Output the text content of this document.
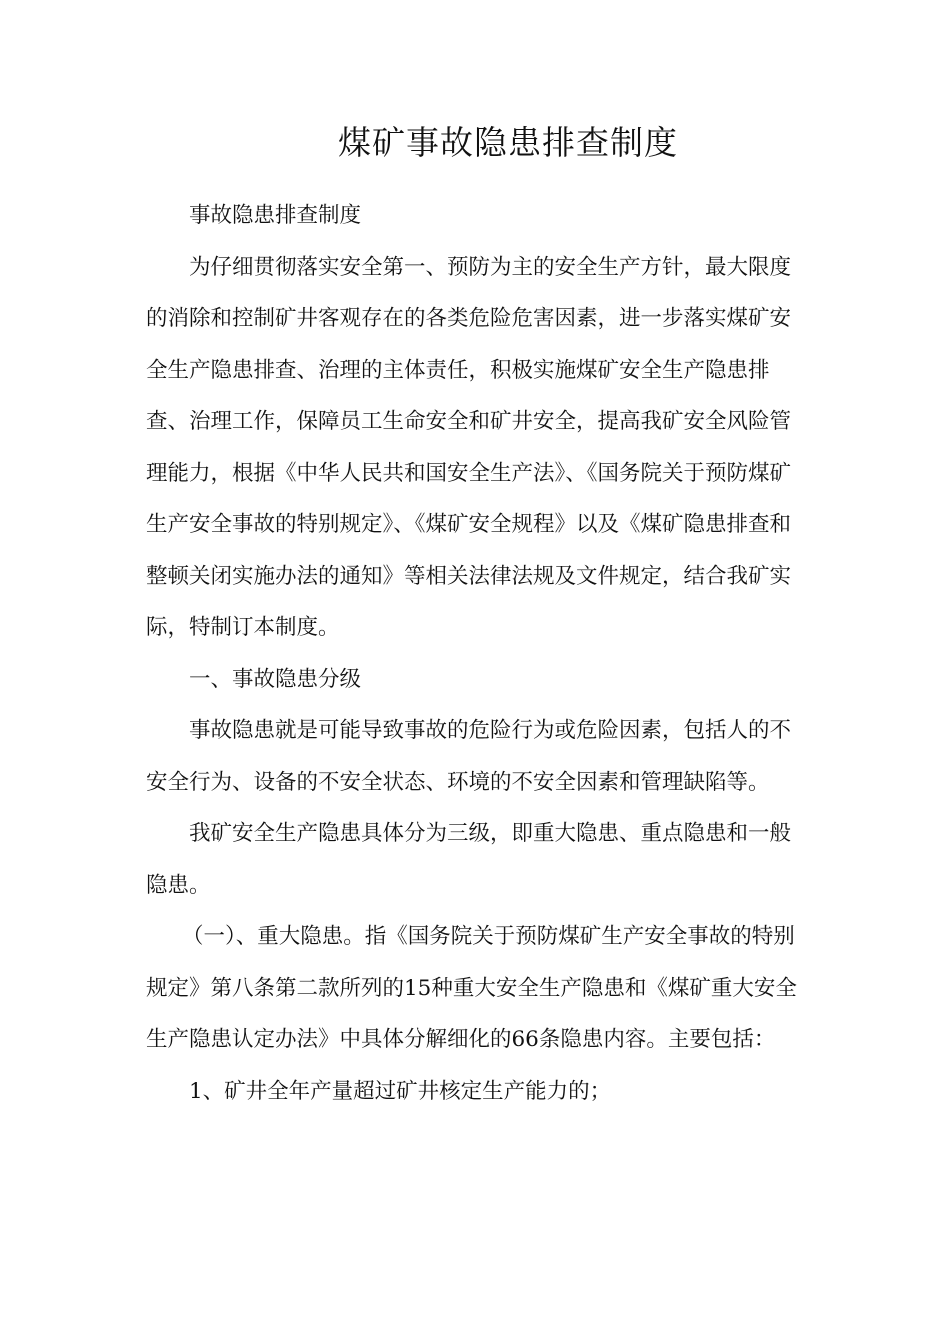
煤矿事故隐患排查制度

事故隐患排查制度

为仔细贯彻落实安全第一、预防为主的安全生产方针，最大限度的消除和控制矿井客观存在的各类危险危害因素，进一步落实煤矿安全生产隐患排查、治理的主体责任，积极实施煤矿安全生产隐患排查、治理工作，保障员工生命安全和矿井安全，提高我矿安全风险管理能力，根据《中华人民共和国安全生产法》、《国务院关于预防煤矿生产安全事故的特别规定》、《煤矿安全规程》以及《煤矿隐患排查和整顿关闭实施办法的通知》等相关法律法规及文件规定，结合我矿实际，特制订本制度。

一、事故隐患分级

事故隐患就是可能导致事故的危险行为或危险因素，包括人的不安全行为、设备的不安全状态、环境的不安全因素和管理缺陷等。

我矿安全生产隐患具体分为三级，即重大隐患、重点隐患和一般隐患。

（一）、重大隐患。指《国务院关于预防煤矿生产安全事故的特别规定》第八条第二款所列的15种重大安全生产隐患和《煤矿重大安全生产隐患认定办法》中具体分解细化的66条隐患内容。主要包括：

1、矿井全年产量超过矿井核定生产能力的；
